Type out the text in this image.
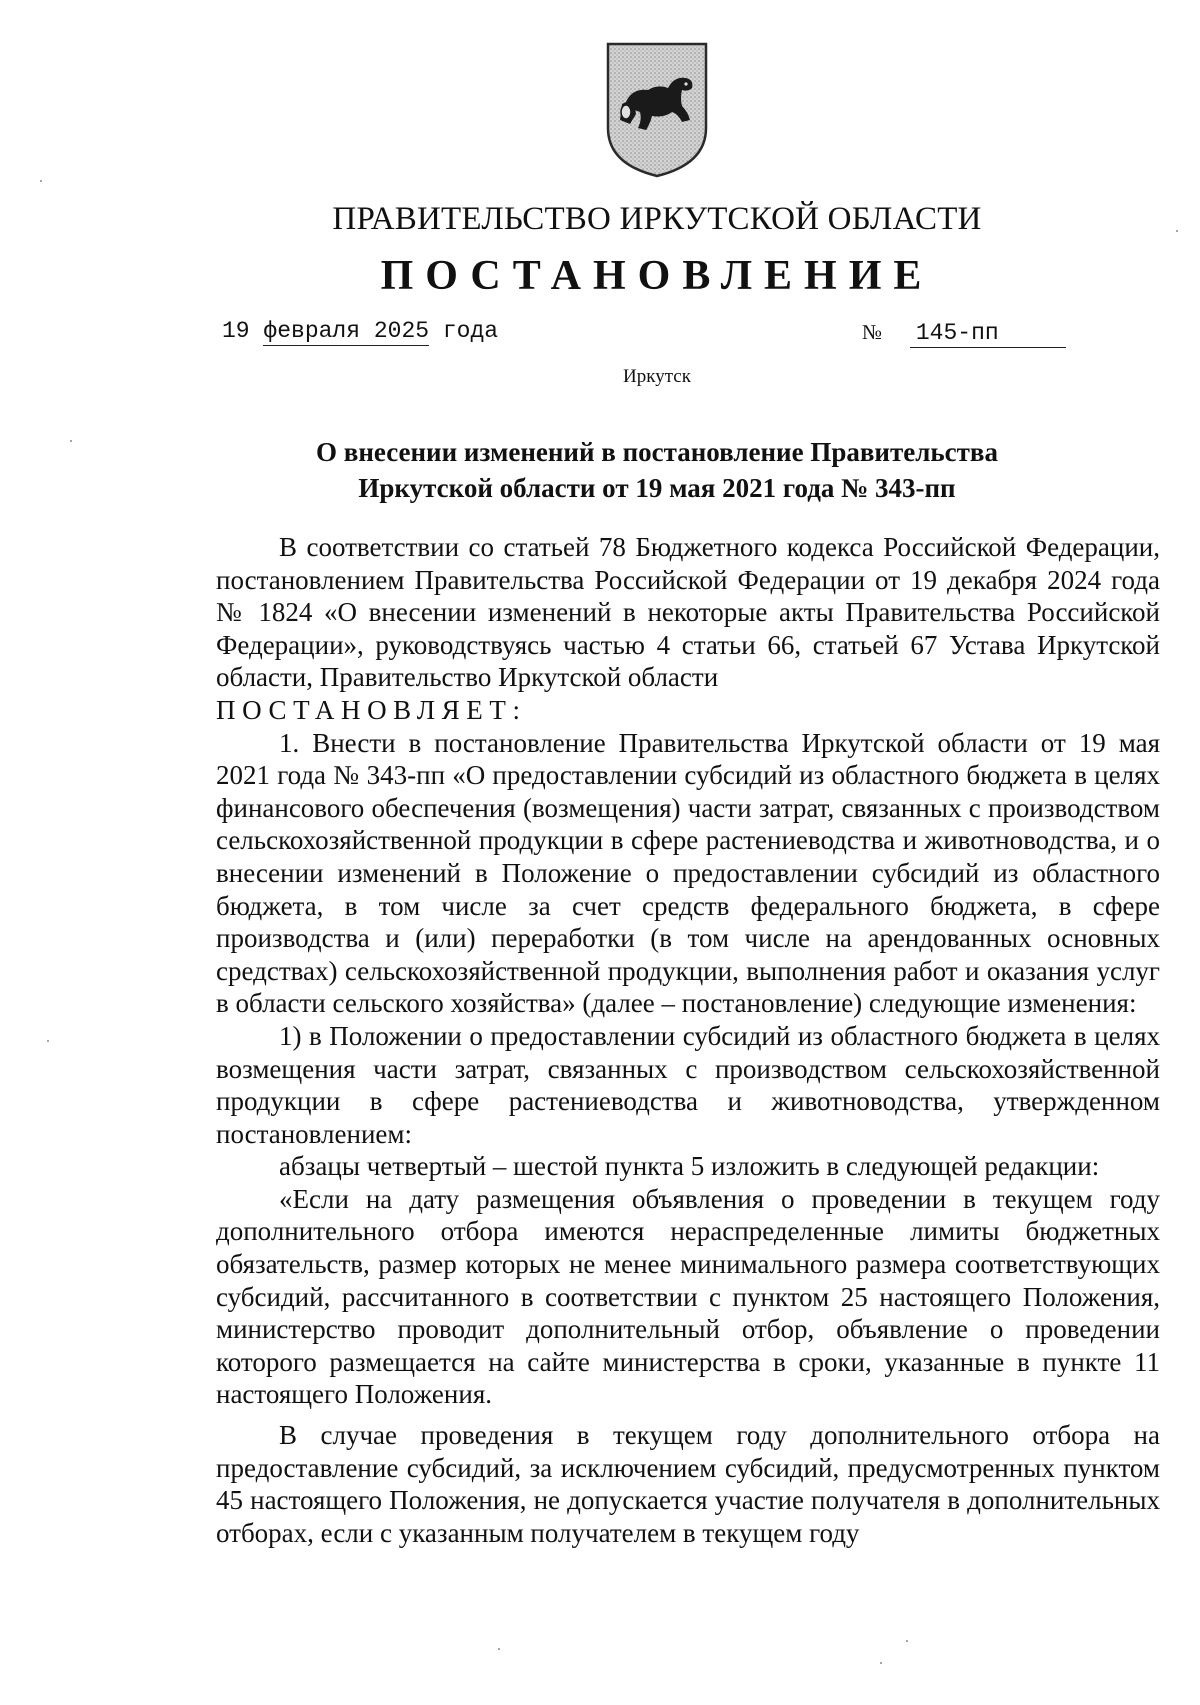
ПРАВИТЕЛЬСТВО ИРКУТСКОЙ ОБЛАСТИ
ПОСТАНОВЛЕНИЕ
19 февраля 2025 года	№ 145-пп
Иркутск
О внесении изменений в постановление Правительства
Иркутской области от 19 мая 2021 года № 343-пп

В соответствии со статьей 78 Бюджетного кодекса Российской Федерации, постановлением Правительства Российской Федерации от 19 декабря 2024 года № 1824 «О внесении изменений в некоторые акты Правительства Российской Федерации», руководствуясь частью 4 статьи 66, статьей 67 Устава Иркутской области, Правительство Иркутской области

ПОСТАНОВЛЯЕТ:

1. Внести в постановление Правительства Иркутской области от 19 мая 2021 года № 343-пп «О предоставлении субсидий из областного бюджета в целях финансового обеспечения (возмещения) части затрат, связанных с производством сельскохозяйственной продукции в сфере растениеводства и животноводства, и о внесении изменений в Положение о предоставлении субсидий из областного бюджета, в том числе за счет средств федерального бюджета, в сфере производства и (или) переработки (в том числе на арендованных основных средствах) сельскохозяйственной продукции, выполнения работ и оказания услуг в области сельского хозяйства» (далее – постановление) следующие изменения:

1) в Положении о предоставлении субсидий из областного бюджета в целях возмещения части затрат, связанных с производством сельскохозяйственной продукции в сфере растениеводства и животноводства, утвержденном постановлением:

абзацы четвертый – шестой пункта 5 изложить в следующей редакции:

«Если на дату размещения объявления о проведении в текущем году дополнительного отбора имеются нераспределенные лимиты бюджетных обязательств, размер которых не менее минимального размера соответствующих субсидий, рассчитанного в соответствии с пунктом 25 настоящего Положения, министерство проводит дополнительный отбор, объявление о проведении которого размещается на сайте министерства в сроки, указанные в пункте 11 настоящего Положения.

В случае проведения в текущем году дополнительного отбора на предоставление субсидий, за исключением субсидий, предусмотренных пунктом 45 настоящего Положения, не допускается участие получателя в дополнительных отборах, если с указанным получателем в текущем году
